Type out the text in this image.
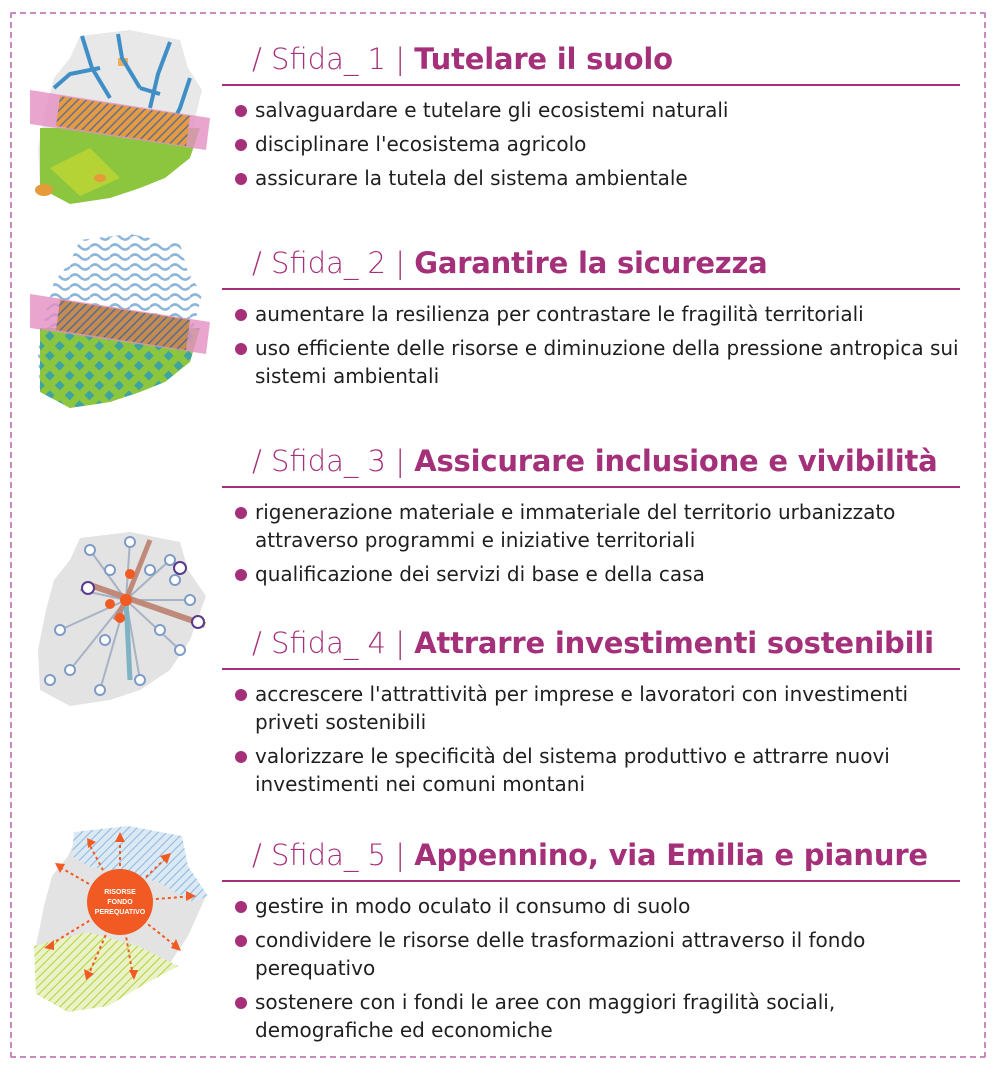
RISORSE
FONDO
PEREQUATIVO
/ Sfida_ 1 | Tutelare il suolo
salvaguardare e tutelare gli ecosistemi naturali
disciplinare l'ecosistema agricolo
assicurare la tutela del sistema ambientale
/ Sfida_ 2 | Garantire la sicurezza
aumentare la resilienza per contrastare le fragilità territoriali
uso efficiente delle risorse e diminuzione della pressione antropica sui sistemi ambientali
/ Sfida_ 3 | Assicurare inclusione e vivibilità
rigenerazione materiale e immateriale del territorio urbanizzato attraverso programmi e iniziative territoriali
qualificazione dei servizi di base e della casa
/ Sfida_ 4 | Attrarre investimenti sostenibili
accrescere l'attrattività per imprese e lavoratori con investimenti priveti sostenibili
valorizzare le specificità del sistema produttivo e attrarre nuovi investimenti nei comuni montani
/ Sfida_ 5 | Appennino, via Emilia e pianure
gestire in modo oculato il consumo di suolo
condividere le risorse delle trasformazioni attraverso il fondo perequativo
sostenere con i fondi le aree con maggiori fragilità sociali, demografiche ed economiche
